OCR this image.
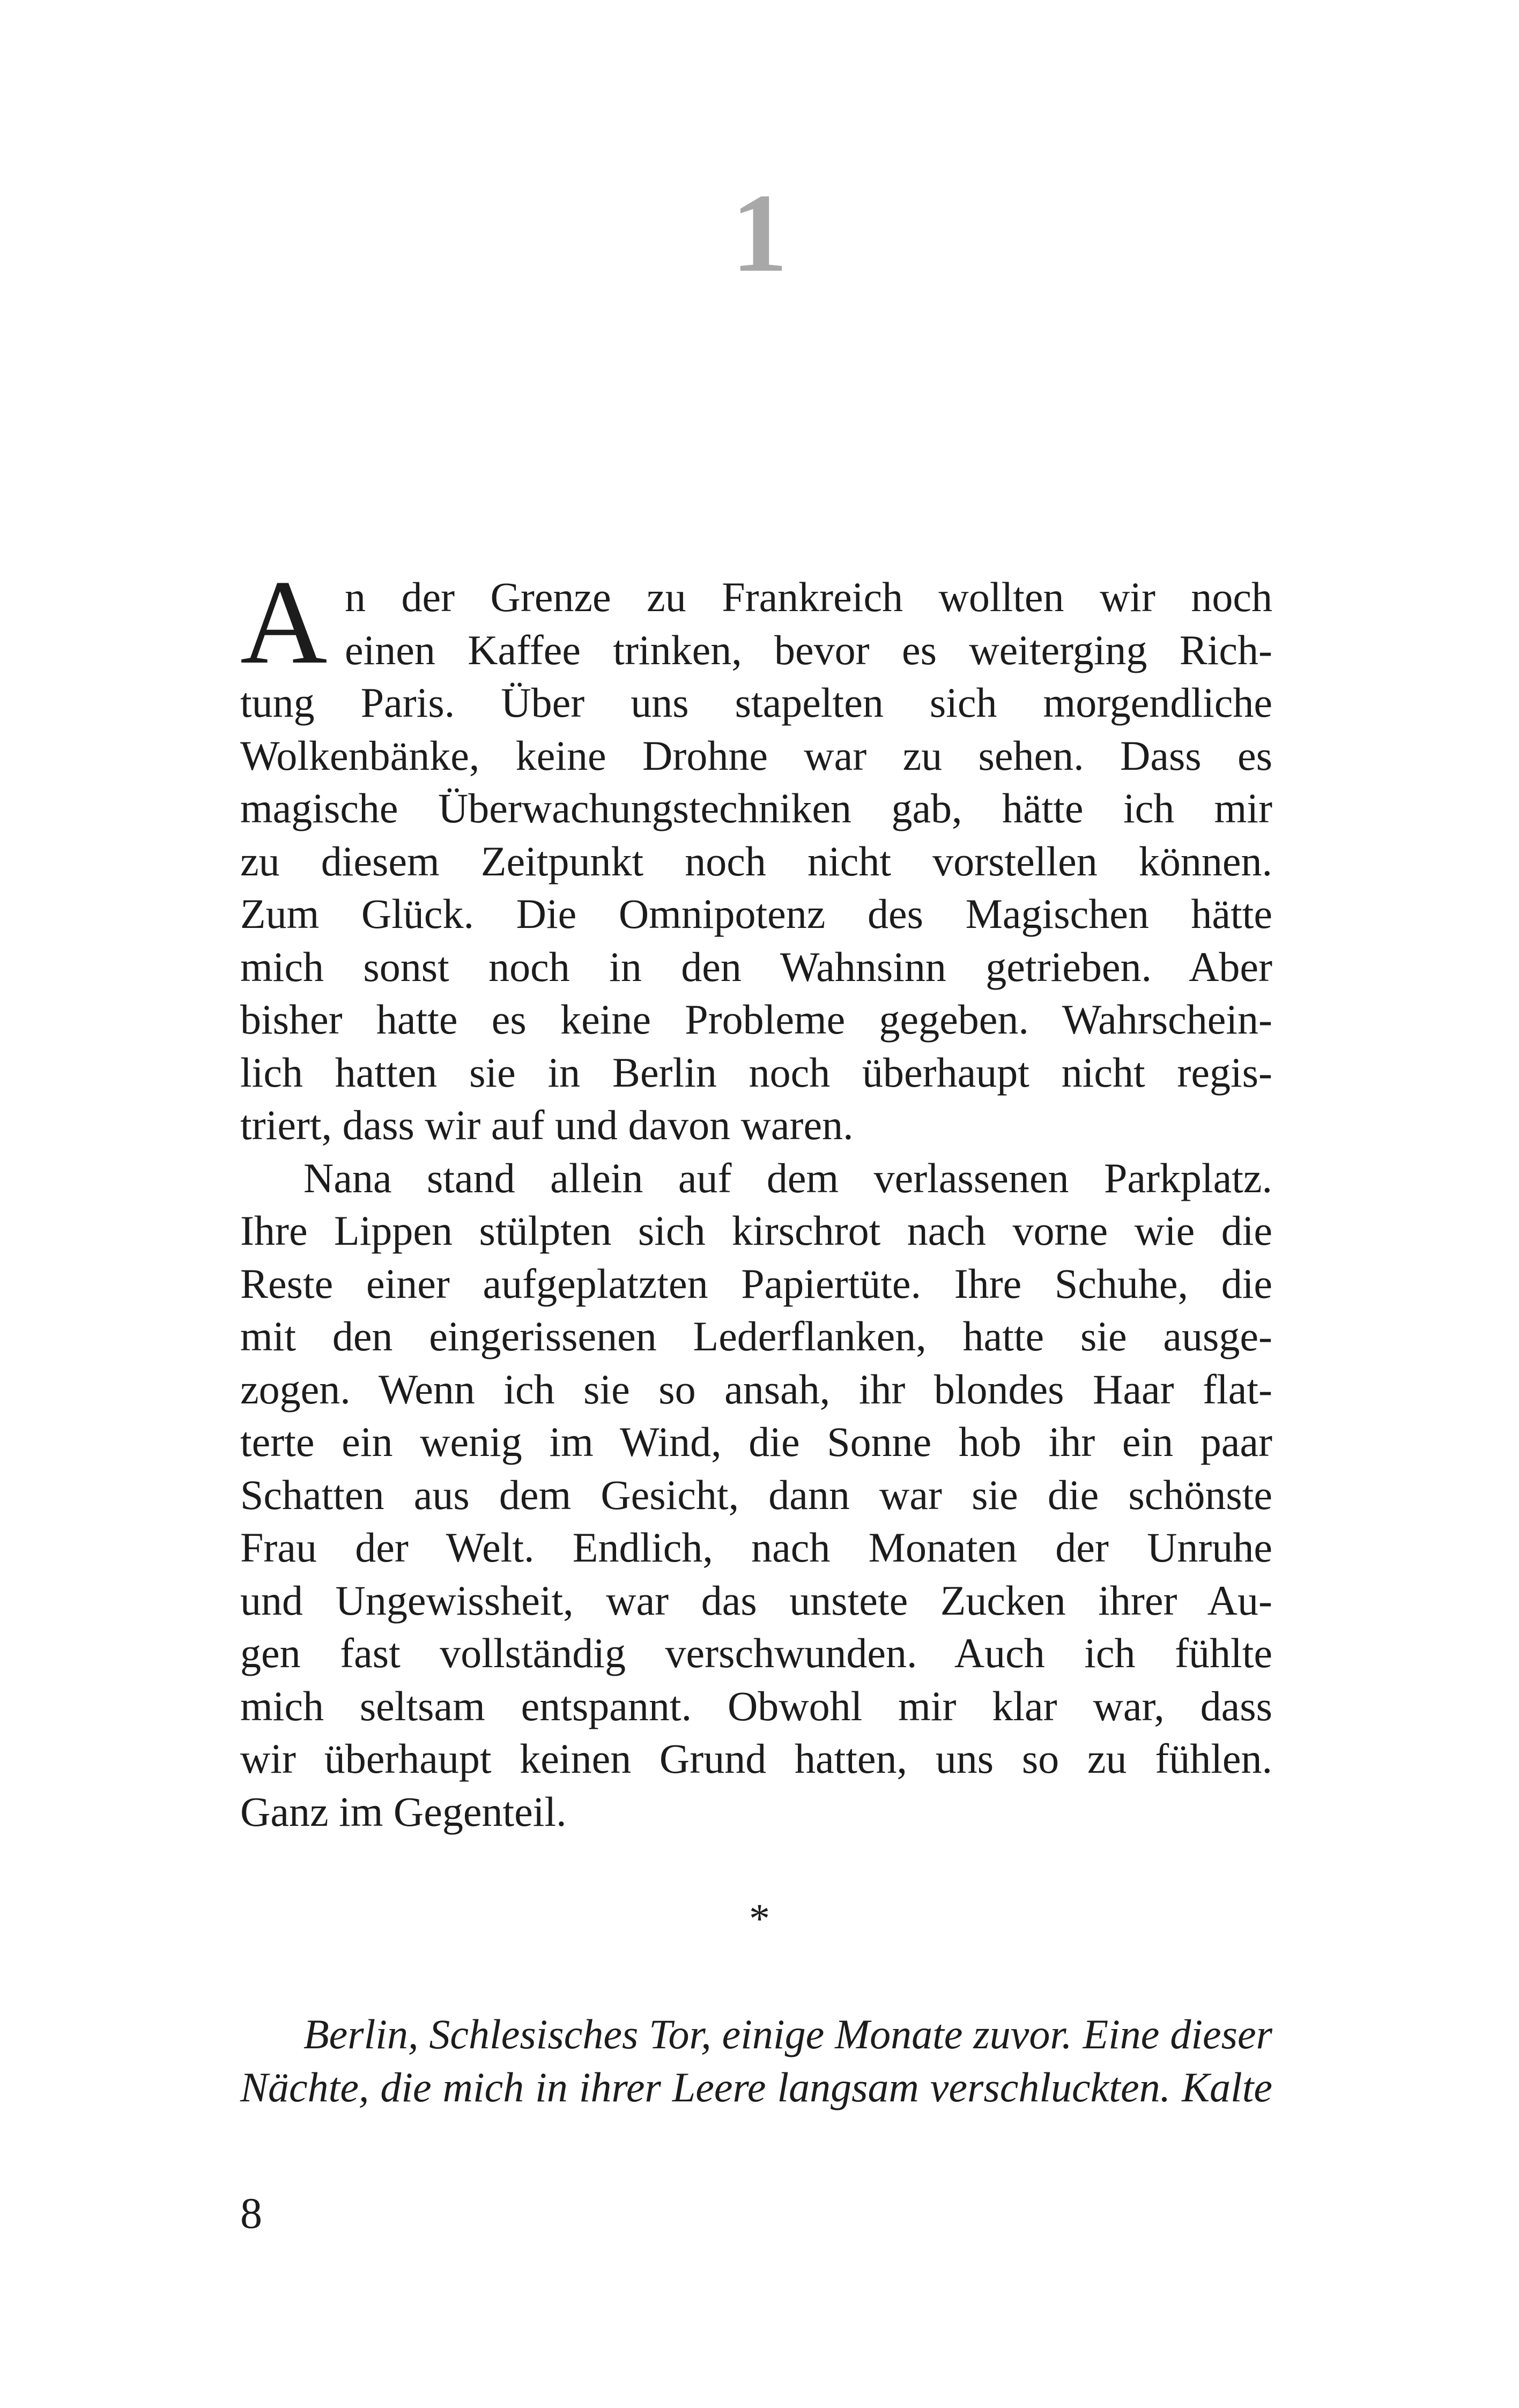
1
A n der Grenze zu Frankreich wollten wir noch
einen Kaffee trinken, bevor es weiterging Rich-
tung Paris. Über uns stapelten sich morgendliche
Wolkenbänke, keine Drohne war zu sehen. Dass es
magische Überwachungstechniken gab, hätte ich mir
zu diesem Zeitpunkt noch nicht vorstellen können.
Zum Glück. Die Omnipotenz des Magischen hätte
mich sonst noch in den Wahnsinn getrieben. Aber
bisher hatte es keine Probleme gegeben. Wahrschein-
lich hatten sie in Berlin noch überhaupt nicht regis-
triert, dass wir auf und davon waren.
Nana stand allein auf dem verlassenen Parkplatz.
Ihre Lippen stülpten sich kirschrot nach vorne wie die
Reste einer aufgeplatzten Papiertüte. Ihre Schuhe, die
mit den eingerissenen Lederflanken, hatte sie ausge-
zogen. Wenn ich sie so ansah, ihr blondes Haar flat-
terte ein wenig im Wind, die Sonne hob ihr ein paar
Schatten aus dem Gesicht, dann war sie die schönste
Frau der Welt. Endlich, nach Monaten der Unruhe
und Ungewissheit, war das unstete Zucken ihrer Au-
gen fast vollständig verschwunden. Auch ich fühlte
mich seltsam entspannt. Obwohl mir klar war, dass
wir überhaupt keinen Grund hatten, uns so zu fühlen.
Ganz im Gegenteil.
*
Berlin, Schlesisches Tor, einige Monate zuvor. Eine dieser
Nächte, die mich in ihrer Leere langsam verschluckten. Kalte
8
